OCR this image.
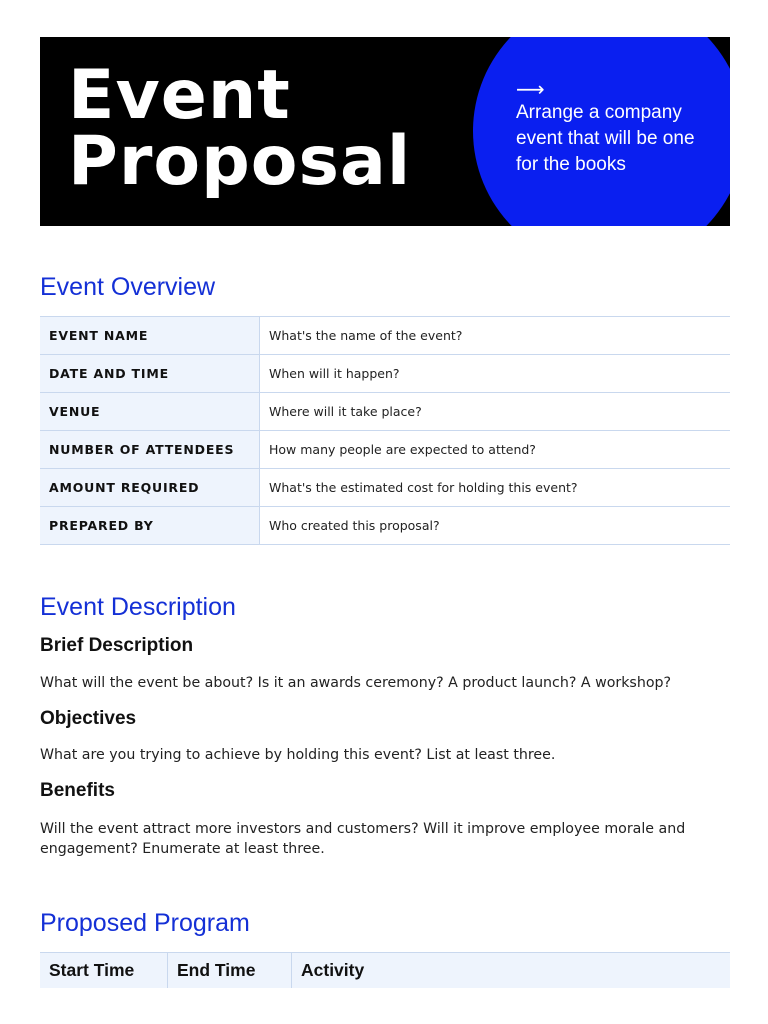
Event
Proposal
⟶

Arrange a company event that will be one for the books

Event Overview
EVENT NAME	What's the name of the event?
DATE AND TIME	When will it happen?
VENUE	Where will it take place?
NUMBER OF ATTENDEES	How many people are expected to attend?
AMOUNT REQUIRED	What's the estimated cost for holding this event?
PREPARED BY	Who created this proposal?
Event Description
Brief Description

What will the event be about? Is it an awards ceremony? A product launch? A workshop?

Objectives

What are you trying to achieve by holding this event? List at least three.

Benefits

Will the event attract more investors and customers? Will it improve employee morale and engagement? Enumerate at least three.

Proposed Program
Start Time	End Time	Activity
